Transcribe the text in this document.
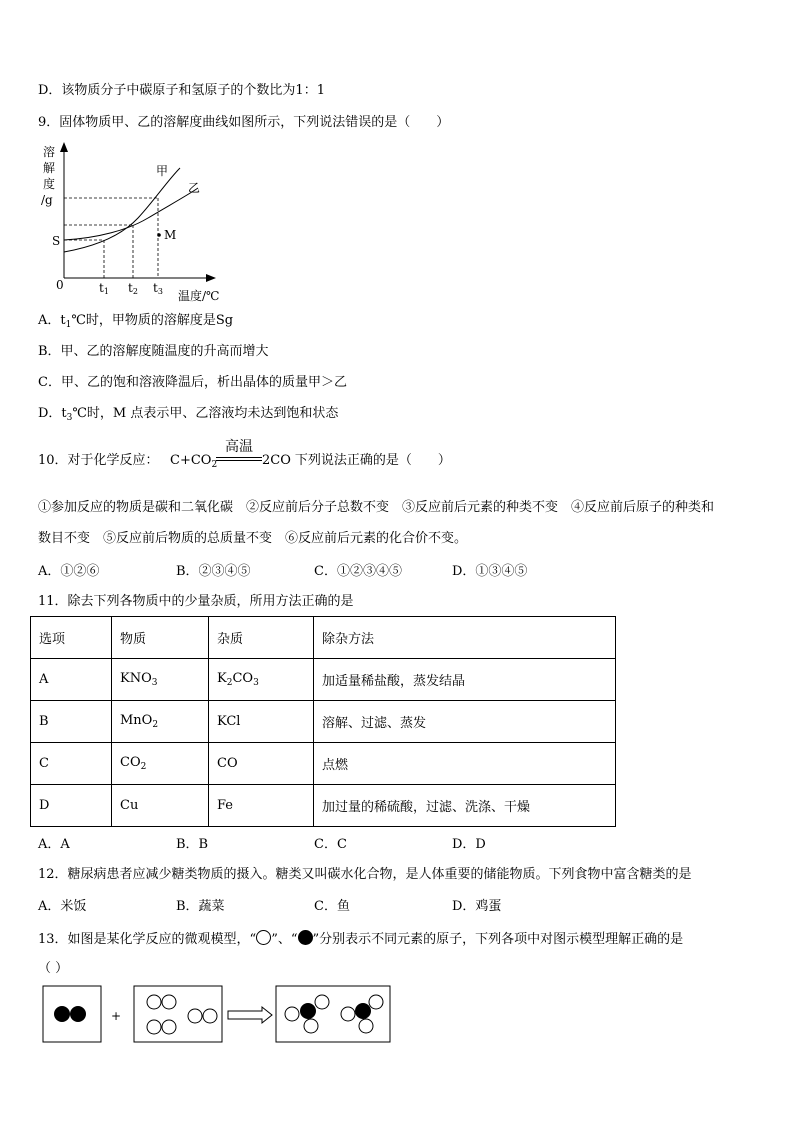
D．该物质分子中碳原子和氢原子的个数比为1：1
9．固体物质甲、乙的溶解度曲线如图所示，下列说法错误的是（　　）
溶
解
度
/g
0
S
温度/℃
甲
乙
M
t1 t2 t3
A．$t_1℃$时，甲物质的溶解度是Sg
B．甲、乙的溶解度随温度的升高而增大
C．甲、乙的饱和溶液降温后，析出晶体的质量甲＞乙
D．$t_3℃$时，M 点表示甲、乙溶液均未达到饱和状态
10．对于化学反应： $C+CO_2$
高温
2CO 下列说法正确的是（　　）
①参加反应的物质是碳和二氧化碳　②反应前后分子总数不变　③反应前后元素的种类不变　④反应前后原子的种类和
数目不变　⑤反应前后物质的总质量不变　⑥反应前后元素的化合价不变。
A．①②⑥	B．②③④⑤	C．①②③④⑤	D．①③④⑤
11．除去下列各物质中的少量杂质，所用方法正确的是
选项	物质	杂质	除杂方法
A	$KNO_3$	$K_2CO_3$	加适量稀盐酸，蒸发结晶
B	MnO$_2$	KCl	溶解、过滤、蒸发
C	$CO_2$	CO	点燃
D	Cu	Fe	加过量的稀硫酸，过滤、洗涤、干燥
A．A	B．B	C．C	D．D
12．糖尿病患者应减少糖类物质的摄入。糖类又叫碳水化合物，是人体重要的储能物质。下列食物中富含糖类的是
A．米饭	B．蔬菜	C．鱼	D．鸡蛋
13．如图是某化学反应的微观模型，“ ”、“ ”分别表示不同元素的原子，下列各项中对图示模型理解正确的是
（ ）
+
